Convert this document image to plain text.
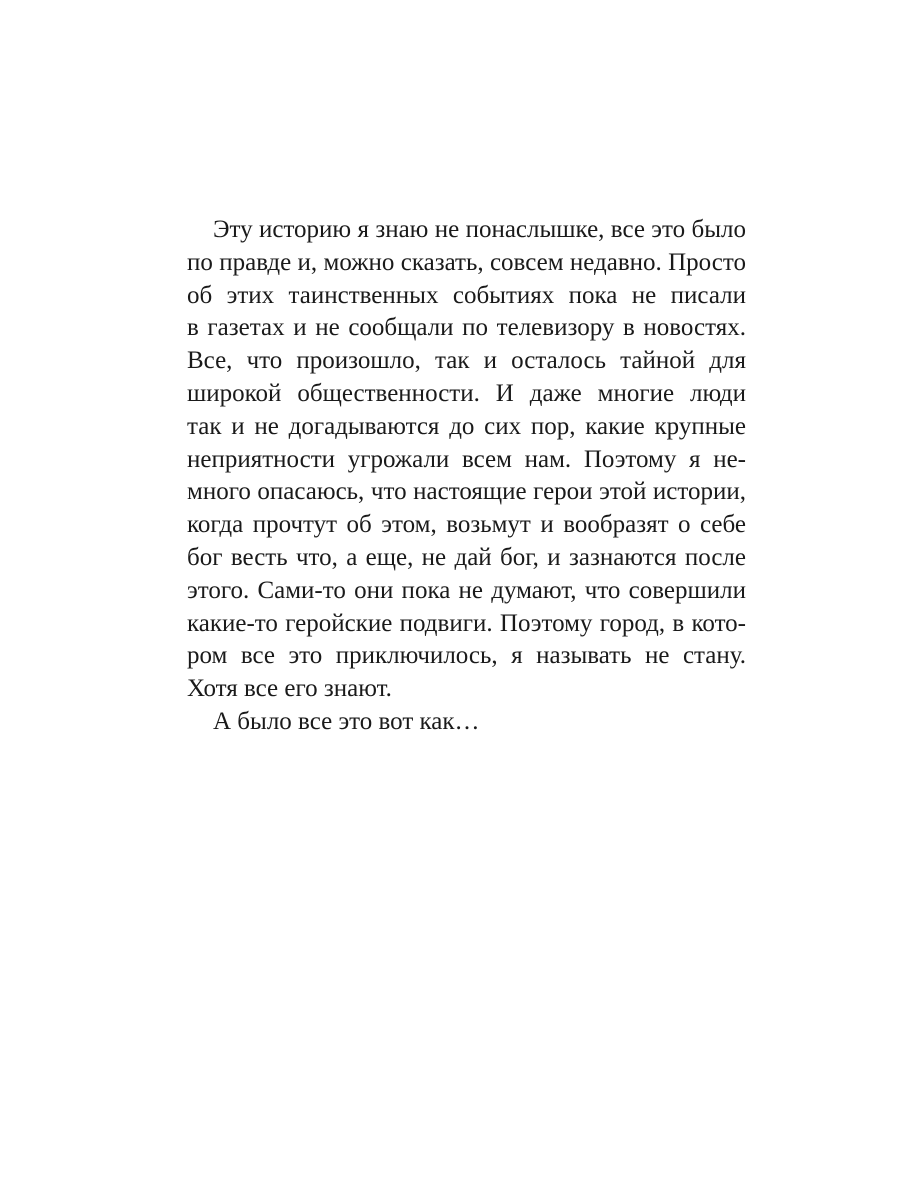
Эту историю я знаю не понаслышке, все это было
по правде и, можно сказать, совсем недавно. Просто
об этих таинственных событиях пока не писали
в газетах и не сообщали по телевизору в новостях.
Все, что произошло, так и осталось тайной для
широкой общественности. И даже многие люди
так и не догадываются до сих пор, какие крупные
неприятности угрожали всем нам. Поэтому я не-
много опасаюсь, что настоящие герои этой истории,
когда прочтут об этом, возьмут и вообразят о себе
бог весть что, а еще, не дай бог, и зазнаются после
этого. Сами-то они пока не думают, что совершили
какие-то геройские подвиги. Поэтому город, в кото-
ром все это приключилось, я называть не стану.
Хотя все его знают.
А было все это вот как…
